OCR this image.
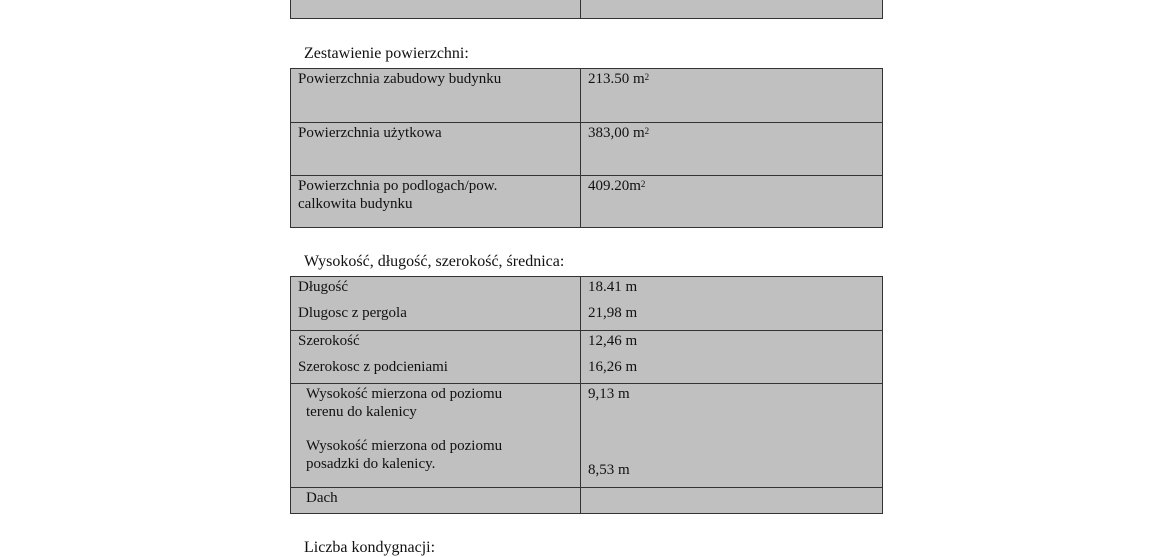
Zestawienie powierzchni:
Powierzchnia zabudowy budynku	213.50 $m^2$
Powierzchnia użytkowa	383,00 $m^2$
Powierzchnia po podlogach/pow.
calkowita budynku
$409.20m^2$
Wysokość, długość, szerokość, średnica:
Długość
Dlugosc z pergola
18.41 m
21,98 m
Szerokość
Szerokosc z podcieniami
12,46 m
16,26 m
Wysokość mierzona od poziomu
terenu do kalenicy
Wysokość mierzona od poziomu
posadzki do kalenicy.
9,13 m
8,53 m
Dach
Liczba kondygnacji:
